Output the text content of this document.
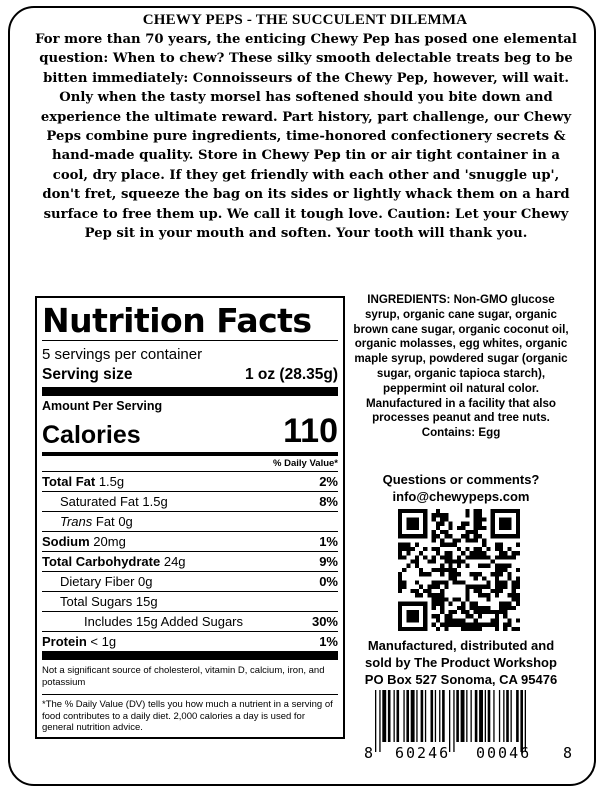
CHEWY PEPS - THE SUCCULENT DILEMMA
For more than 70 years, the enticing Chewy Pep has posed one elemental question: When to chew? These silky smooth delectable treats beg to be bitten immediately: Connoisseurs of the Chewy Pep, however, will wait. Only when the tasty morsel has softened should you bite down and experience the ultimate reward. Part history, part challenge, our Chewy Peps combine pure ingredients, time-honored confectionery secrets & hand-made quality. Store in Chewy Pep tin or air tight container in a cool, dry place. If they get friendly with each other and 'snuggle up', don't fret, squeeze the bag on its sides or lightly whack them on a hard surface to free them up. We call it tough love. Caution: Let your Chewy Pep sit in your mouth and soften. Your tooth will thank you.
Nutrition Facts
5 servings per container
Serving size	1 oz (28.35g)
Amount Per Serving
Calories	110
% Daily Value*
Total Fat 1.5g	2%
Saturated Fat 1.5g	8%
Trans Fat 0g
Sodium 20mg	1%
Total Carbohydrate 24g	9%
Dietary Fiber 0g	0%
Total Sugars 15g
Includes 15g Added Sugars	30%
Protein < 1g	1%
Not a significant source of cholesterol, vitamin D, calcium, iron, and potassium
*The % Daily Value (DV) tells you how much a nutrient in a serving of food contributes to a daily diet. 2,000 calories a day is used for general nutrition advice.
INGREDIENTS: Non-GMO glucose syrup, organic cane sugar, organic brown cane sugar, organic coconut oil, organic molasses, egg whites, organic maple syrup, powdered sugar (organic sugar, organic tapioca starch), peppermint oil natural color. Manufactured in a facility that also processes peanut and tree nuts.
Contains: Egg
Questions or comments?
info@chewypeps.com
Manufactured, distributed and
sold by The Product Workshop
PO Box 527 Sonoma, CA 95476
8 60246 00046 8
